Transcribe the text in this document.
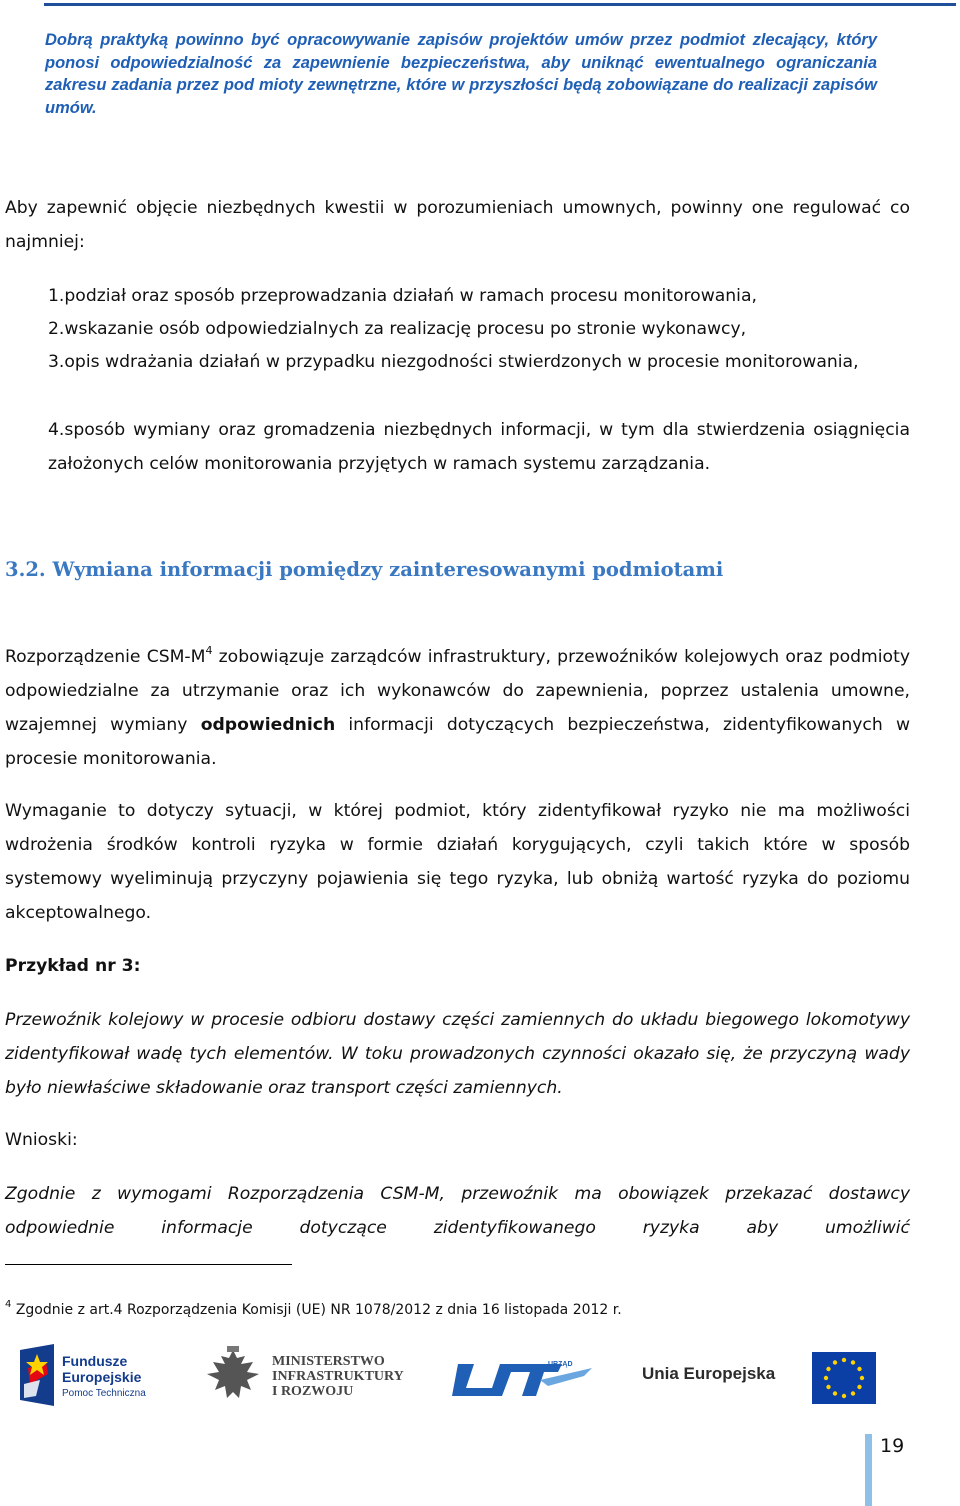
Dobrą praktyką powinno być opracowywanie zapisów projektów umów przez podmiot zlecający, który ponosi odpowiedzialność za zapewnienie bezpieczeństwa, aby uniknąć ewentualnego ograniczania zakresu zadania przez pod mioty zewnętrzne, które w przyszłości będą zobowiązane do realizacji zapisów umów.
Aby zapewnić objęcie niezbędnych kwestii w porozumieniach umownych, powinny one regulować co najmniej:
1.podział oraz sposób przeprowadzania działań w ramach procesu monitorowania,
2.wskazanie osób odpowiedzialnych za realizację procesu po stronie wykonawcy,
3.opis wdrażania działań w przypadku niezgodności stwierdzonych w procesie monitorowania,
4.sposób wymiany oraz gromadzenia niezbędnych informacji, w tym dla stwierdzenia osiągnięcia założonych celów monitorowania przyjętych w ramach systemu zarządzania.
3.2. Wymiana informacji pomiędzy zainteresowanymi podmiotami
Rozporządzenie CSM-$M^4$ zobowiązuje zarządców infrastruktury, przewoźników kolejowych oraz podmioty odpowiedzialne za utrzymanie oraz ich wykonawców do zapewnienia, poprzez ustalenia umowne, wzajemnej wymiany odpowiednich informacji dotyczących bezpieczeństwa, zidentyfikowanych w procesie monitorowania.
Wymaganie to dotyczy sytuacji, w której podmiot, który zidentyfikował ryzyko nie ma możliwości wdrożenia środków kontroli ryzyka w formie działań korygujących, czyli takich które w sposób systemowy wyeliminują przyczyny pojawienia się tego ryzyka, lub obniżą wartość ryzyka do poziomu akceptowalnego.
Przykład nr 3:
Przewoźnik kolejowy w procesie odbioru dostawy części zamiennych do układu biegowego lokomotywy zidentyfikował wadę tych elementów. W toku prowadzonych czynności okazało się, że przyczyną wady było niewłaściwe składowanie oraz transport części zamiennych.
Wnioski:
Zgodnie z wymogami Rozporządzenia CSM-M, przewoźnik ma obowiązek przekazać dostawcy odpowiednie informacje dotyczące zidentyfikowanego ryzyka aby umożliwić
$^4$ Zgodnie z art.4 Rozporządzenia Komisji (UE) NR 1078/2012 z dnia 16 listopada 2012 r.
Fundusze
Europejskie
Pomoc Techniczna
MINISTERSTWO
INFRASTRUKTURY
I ROZWOJU
URZĄD	Unia Europejska
19
